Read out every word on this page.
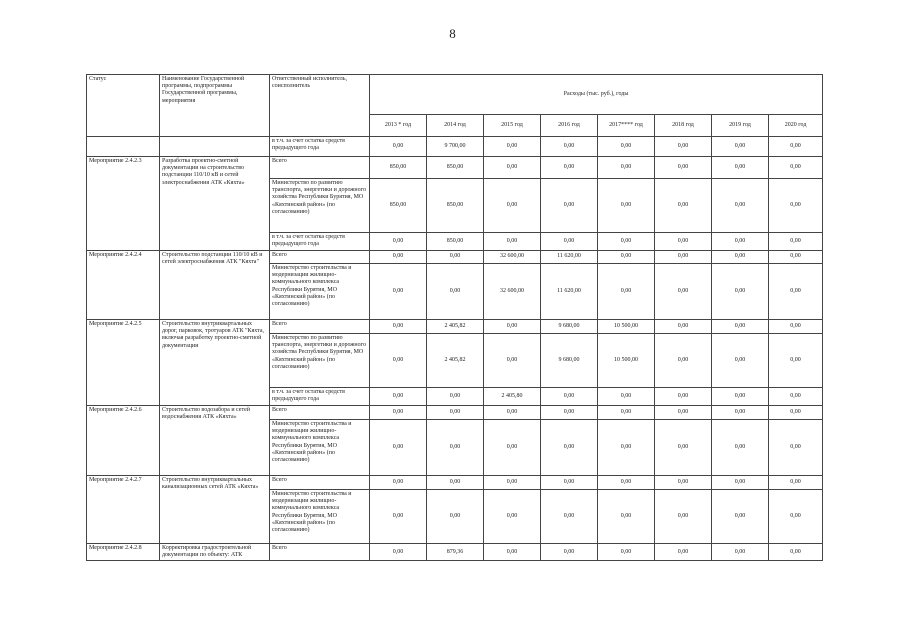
8
Статус	Наименование Государственной программы, подпрограммы Государственной программы, мероприятия	Ответственный исполнитель, соисполнитель	Расходы (тыс. руб.), годы							
			2013 * год	2014 год	2015 год	2016 год	2017**** год	2018 год	2019 год	2020 год
		в т.ч. за счет остатка средств предыдущего года	0,00	9 700,00	0,00	0,00	0,00	0,00	0,00	0,00
Мероприятие 2.4.2.3	Разработка проектно-сметной документации на строительство подстанции 110/10 кВ и сетей электроснабжения АТК «Кяхта»	Всего	850,00	850,00	0,00	0,00	0,00	0,00	0,00	0,00
		Министерство по развитию транспорта, энергетики и дорожного хозяйства Республики Бурятия, МО «Кяхтинский район» (по согласованию)	850,00	850,00	0,00	0,00	0,00	0,00	0,00	0,00
		в т.ч. за счет остатка средств предыдущего года	0,00	850,00	0,00	0,00	0,00	0,00	0,00	0,00
Мероприятие 2.4.2.4	Строительство подстанции 110/10 кВ и сетей электроснабжения АТК "Кяхта"	Всего	0,00	0,00	32 600,00	11 620,00	0,00	0,00	0,00	0,00
		Министерство строительства и модернизации жилищно-коммунального комплекса Республики Бурятия, МО «Кяхтинский район» (по согласованию)	0,00	0,00	32 600,00	11 620,00	0,00	0,00	0,00	0,00
Мероприятие 2.4.2.5	Строительство внутриквартальных дорог, парковок, тротуаров АТК "Кяхта, включая разработку проектно-сметной документации	Всего	0,00	2 405,82	0,00	9 680,00	10 500,00	0,00	0,00	0,00
		Министерство по развитию транспорта, энергетики и дорожного хозяйства Республики Бурятия, МО «Кяхтинский район» (по согласованию)	0,00	2 405,82	0,00	9 680,00	10 500,00	0,00	0,00	0,00
		в т.ч. за счет остатка средств предыдущего года	0,00	0,00	2 405,80	0,00	0,00	0,00	0,00	0,00
Мероприятие 2.4.2.6	Строительство водозабора и сетей водоснабжения АТК «Кяхта»	Всего	0,00	0,00	0,00	0,00	0,00	0,00	0,00	0,00
		Министерство строительства и модернизации жилищно-коммунального комплекса Республики Бурятия, МО «Кяхтинский район» (по согласованию)	0,00	0,00	0,00	0,00	0,00	0,00	0,00	0,00
Мероприятие 2.4.2.7	Строительство внутриквартальных канализационных сетей АТК «Кяхта»	Всего	0,00	0,00	0,00	0,00	0,00	0,00	0,00	0,00
		Министерство строительства и модернизации жилищно-коммунального комплекса Республики Бурятия, МО «Кяхтинский район» (по согласованию)	0,00	0,00	0,00	0,00	0,00	0,00	0,00	0,00
Мероприятие 2.4.2.8	Корректировка градостроительной документации по объекту: АТК	Всего	0,00	879,36	0,00	0,00	0,00	0,00	0,00	0,00
